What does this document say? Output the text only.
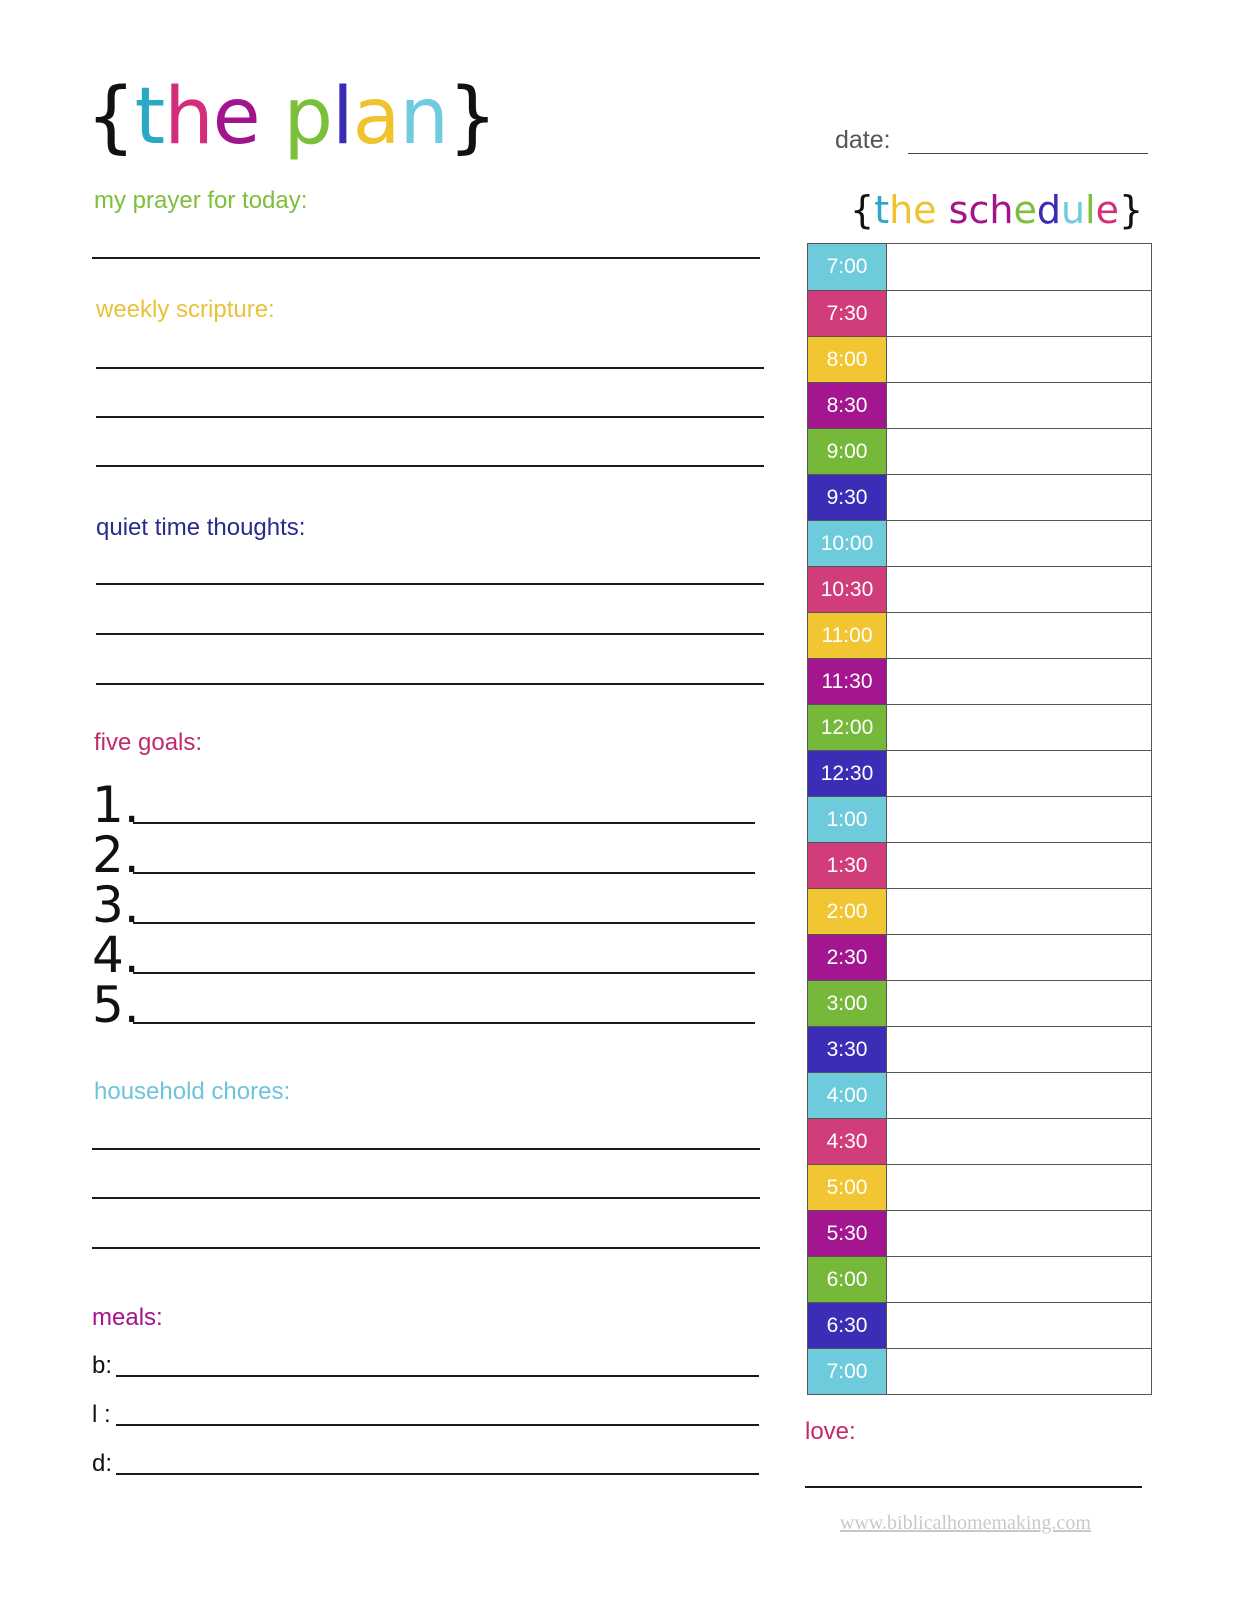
{the plan}	date:
my prayer for today:
weekly scripture:
quiet time thoughts:
five goals:
1.
2.
3.
4.
5.
household chores:
meals:
b:
l :
d:
{the schedule}
7:00
7:30
8:00
8:30
9:00
9:30
10:00
10:30
11:00
11:30
12:00
12:30
1:00
1:30
2:00
2:30
3:00
3:30
4:00
4:30
5:00
5:30
6:00
6:30
7:00
love:
www.biblicalhomemaking.com
